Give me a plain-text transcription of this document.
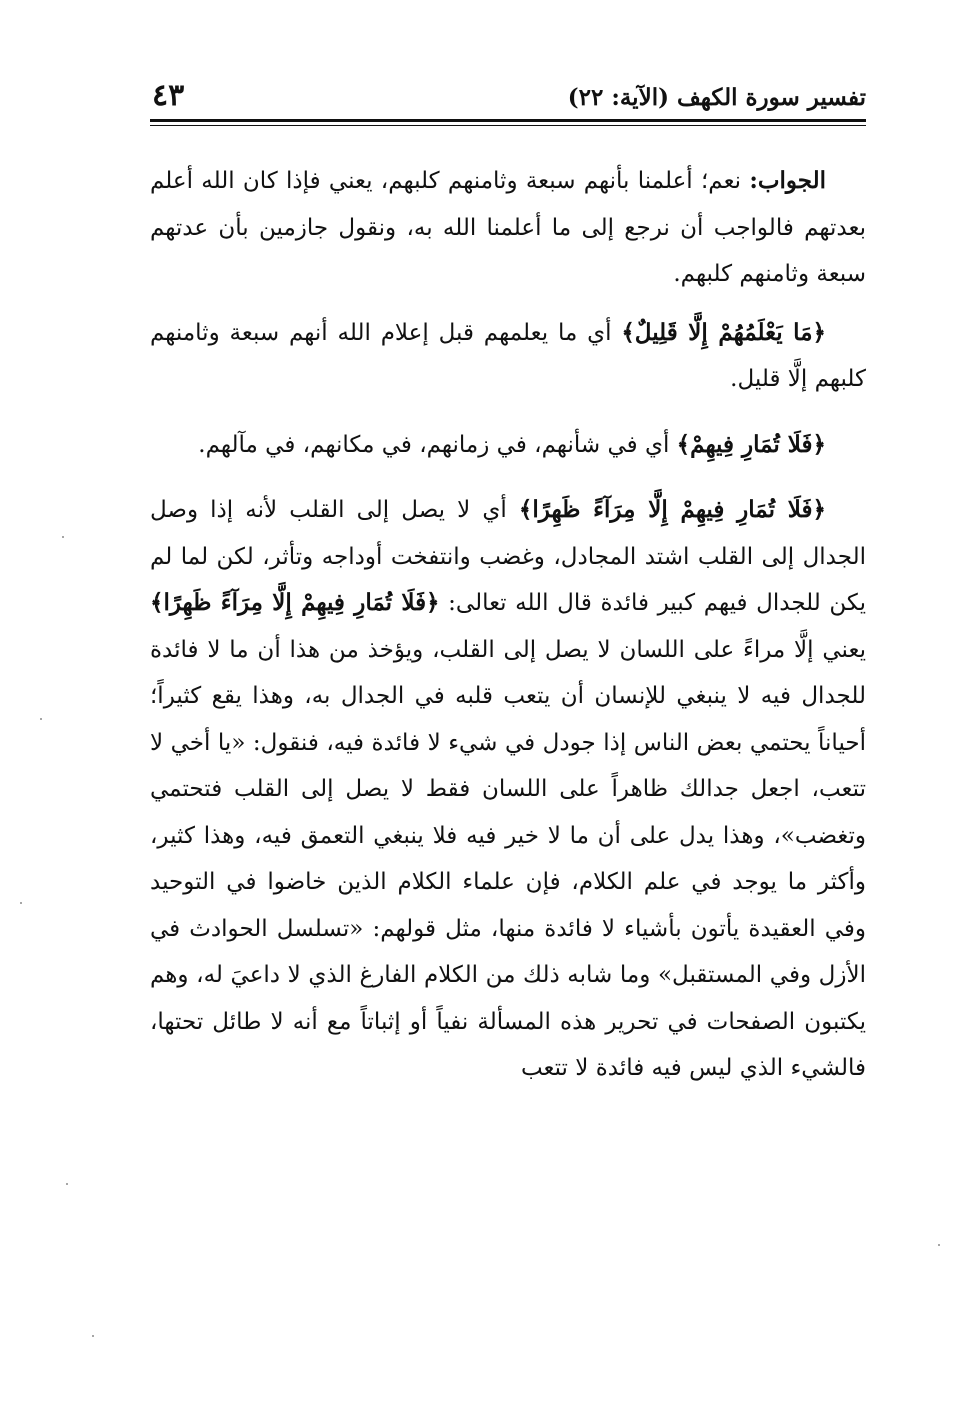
تفسير سورة الكهف (الآية: ٢٢)
٤٣

الجواب: نعم؛ أعلمنا بأنهم سبعة وثامنهم كلبهم، يعني فإذا كان الله أعلم بعدتهم فالواجب أن نرجع إلى ما أعلمنا الله به، ونقول جازمين بأن عدتهم سبعة وثامنهم كلبهم.

﴿مَا يَعْلَمُهُمْ إِلَّا قَلِيلٌ﴾ أي ما يعلمهم قبل إعلام الله أنهم سبعة وثامنهم كلبهم إلَّا قليل.

﴿فَلَا تُمَارِ فِيهِمْ﴾ أي في شأنهم، في زمانهم، في مكانهم، في مآلهم.

﴿فَلَا تُمَارِ فِيهِمْ إِلَّا مِرَآءً ظَهِرًا﴾ أي لا يصل إلى القلب لأنه إذا وصل الجدال إلى القلب اشتد المجادل، وغضب وانتفخت أوداجه وتأثر، لكن لما لم يكن للجدال فيهم كبير فائدة قال الله تعالى: ﴿فَلَا تُمَارِ فِيهِمْ إِلَّا مِرَآءً ظَهِرًا﴾ يعني إلَّا مراءً على اللسان لا يصل إلى القلب، ويؤخذ من هذا أن ما لا فائدة للجدال فيه لا ينبغي للإنسان أن يتعب قلبه في الجدال به، وهذا يقع كثيراً؛ أحياناً يحتمي بعض الناس إذا جودل في شيء لا فائدة فيه، فنقول: «يا أخي لا تتعب، اجعل جدالك ظاهراً على اللسان فقط لا يصل إلى القلب فتحتمي وتغضب»، وهذا يدل على أن ما لا خير فيه فلا ينبغي التعمق فيه، وهذا كثير، وأكثر ما يوجد في علم الكلام، فإن علماء الكلام الذين خاضوا في التوحيد وفي العقيدة يأتون بأشياء لا فائدة منها، مثل قولهم: «تسلسل الحوادث في الأزل وفي المستقبل» وما شابه ذلك من الكلام الفارغ الذي لا داعيَ له، وهم يكتبون الصفحات في تحرير هذه المسألة نفياً أو إثباتاً مع أنه لا طائل تحتها، فالشيء الذي ليس فيه فائدة لا تتعب
